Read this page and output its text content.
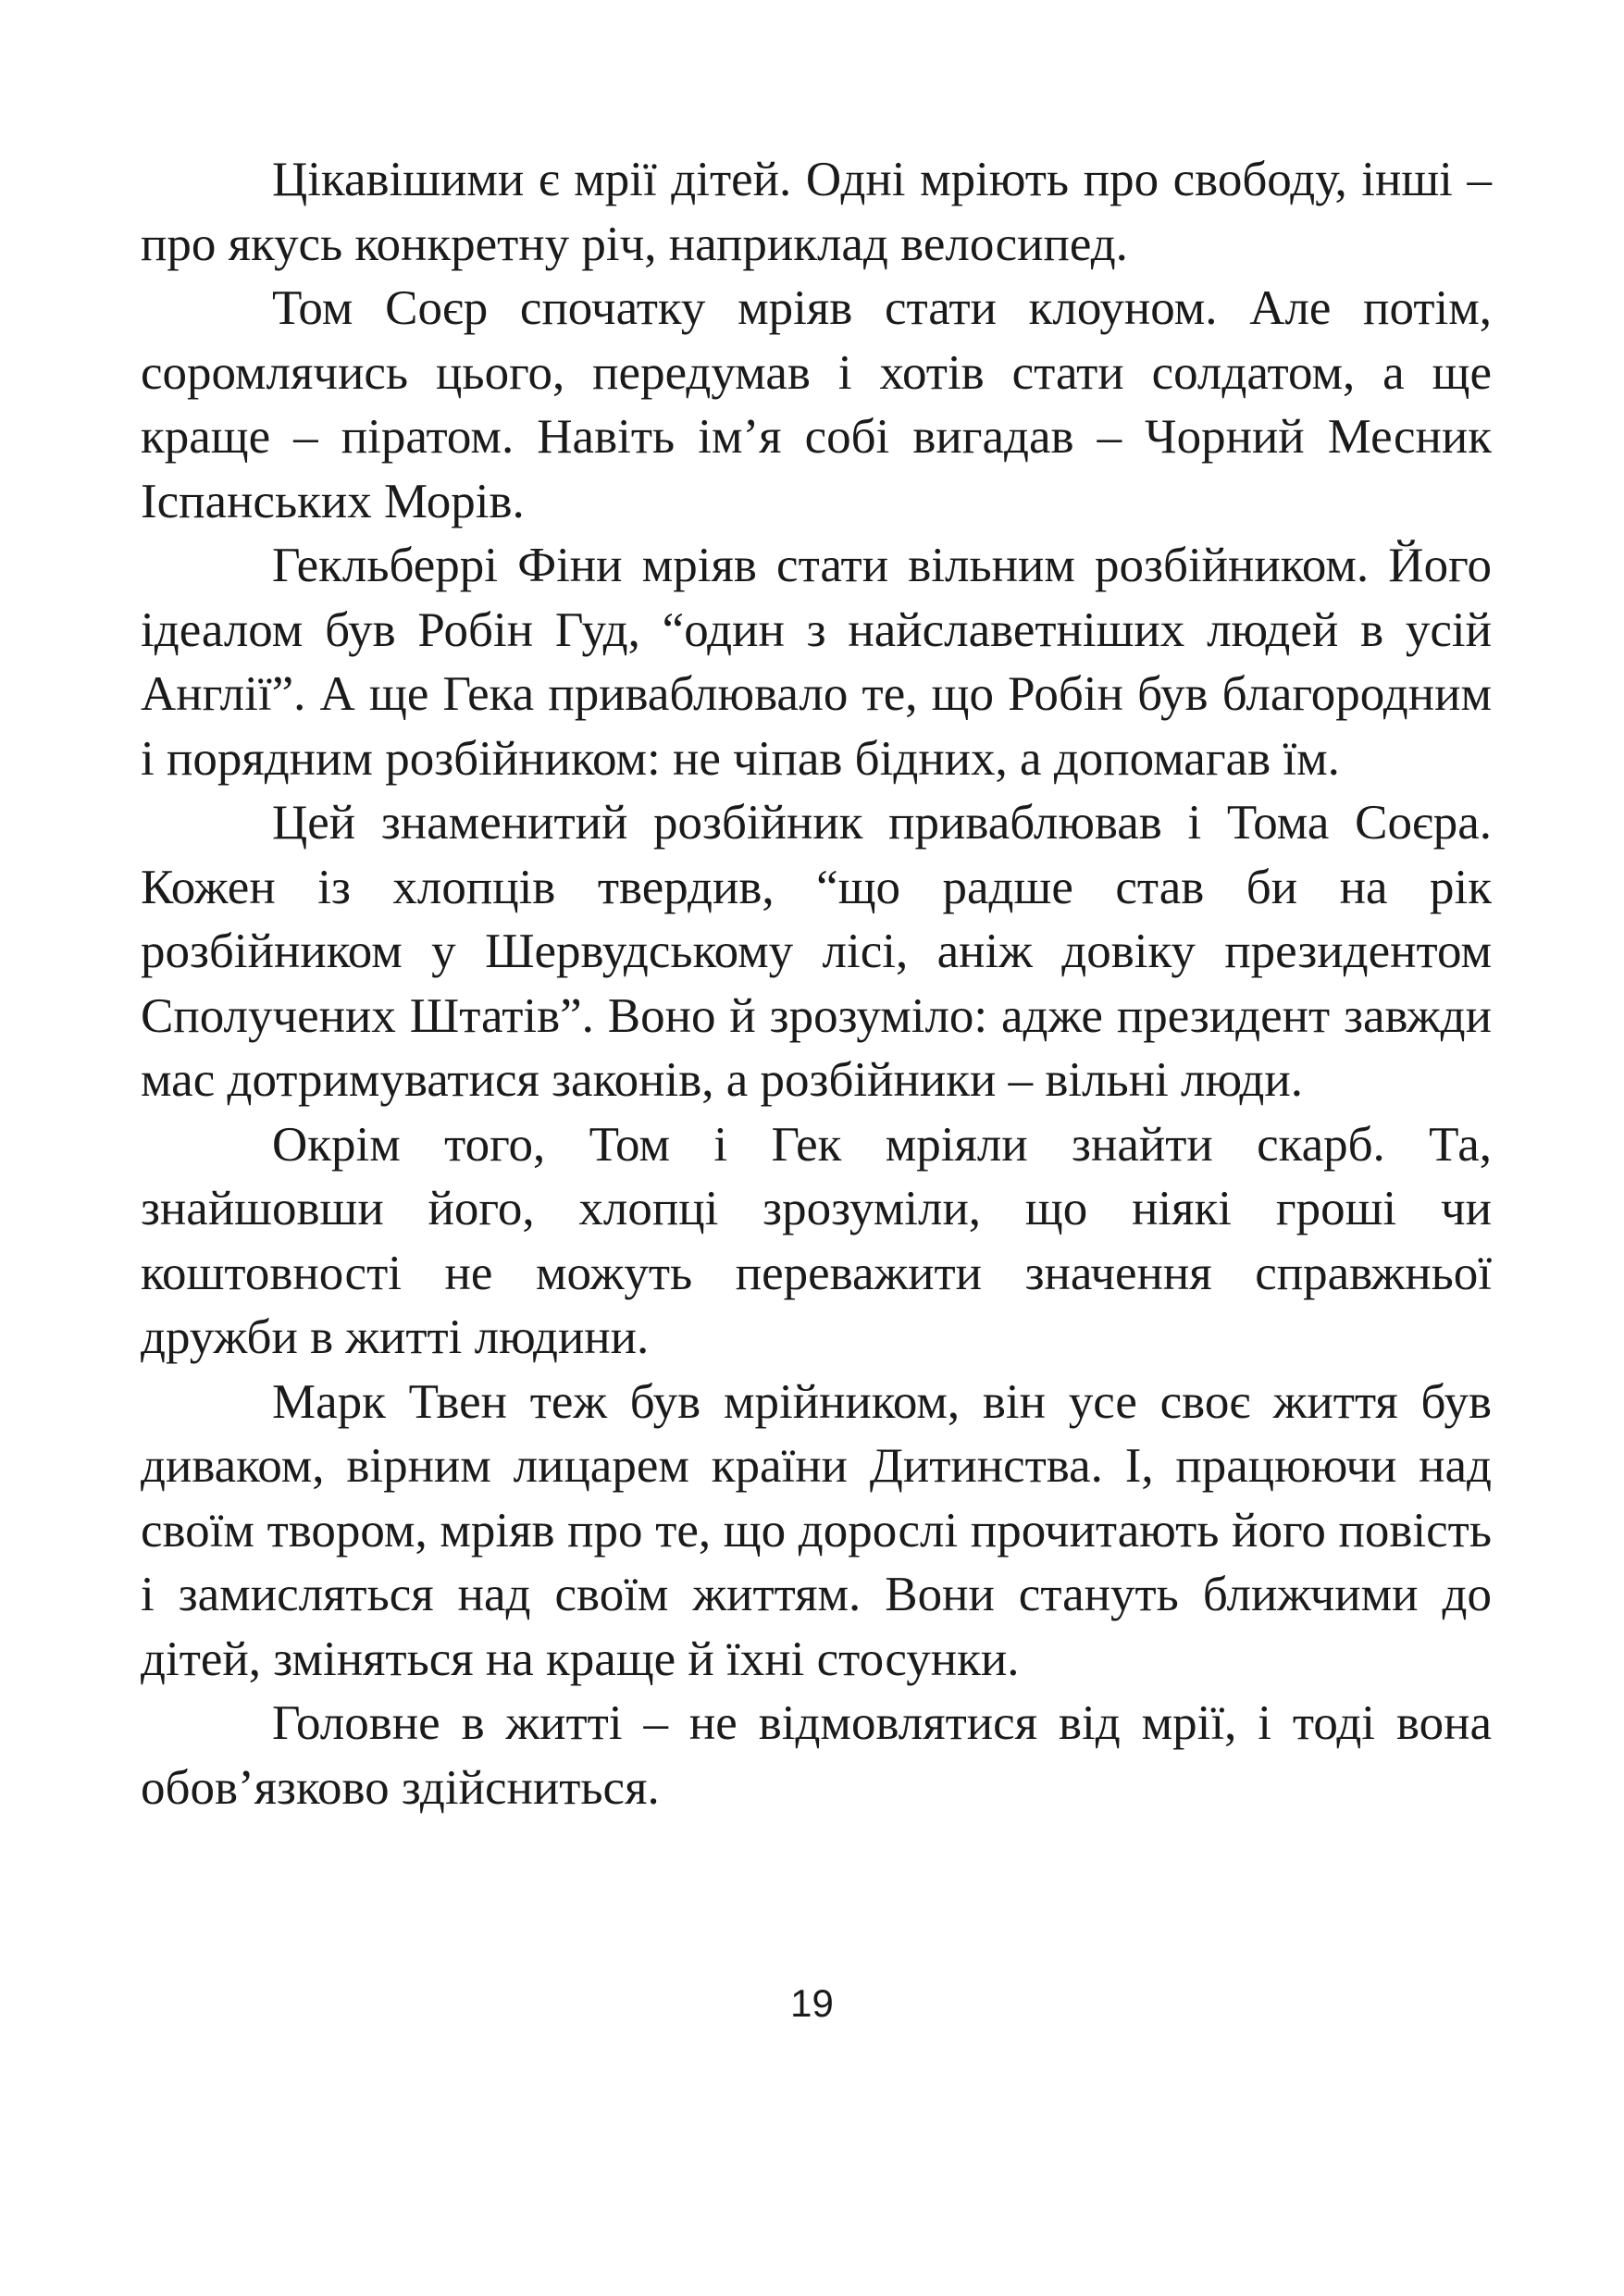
Цікавішими є мрії дітей. Одні мріють про свободу, інші – про якусь конкретну річ, наприклад велосипед.

Том Соєр спочатку мріяв стати клоуном. Але потім, соромлячись цього, передумав і хотів стати солдатом, а ще краще – піратом. Навіть ім’я собі вигадав – Чорний Месник Іспанських Морів.

Гекльберрі Фіни мріяв стати вільним розбійником. Його ідеалом був Робін Гуд, “один з найславетніших людей в усій Англії”. А ще Гека приваблювало те, що Робін був благородним і порядним розбійником: не чіпав бідних, а допомагав їм.

Цей знаменитий розбійник приваблював і Тома Соєра. Кожен із хлопців твердив, “що радше став би на рік розбійником у Шервудському лісі, аніж довіку президентом Сполучених Штатів”. Воно й зрозуміло: адже президент завжди мас дотримуватися законів, а розбійники – вільні люди.

Окрім того, Том і Гек мріяли знайти скарб. Та, знайшовши його, хлопці зрозуміли, що ніякі гроші чи коштовності не можуть переважити значення справжньої дружби в житті людини.

Марк Твен теж був мрійником, він усе своє життя був диваком, вірним лицарем країни Дитинства. І, працюючи над своїм твором, мріяв про те, що дорослі прочитають його повість і замисляться над своїм життям. Вони стануть ближчими до дітей, зміняться на краще й їхні стосунки.

Головне в житті – не відмовлятися від мрії, і тоді вона обов’язково здійсниться.

19
